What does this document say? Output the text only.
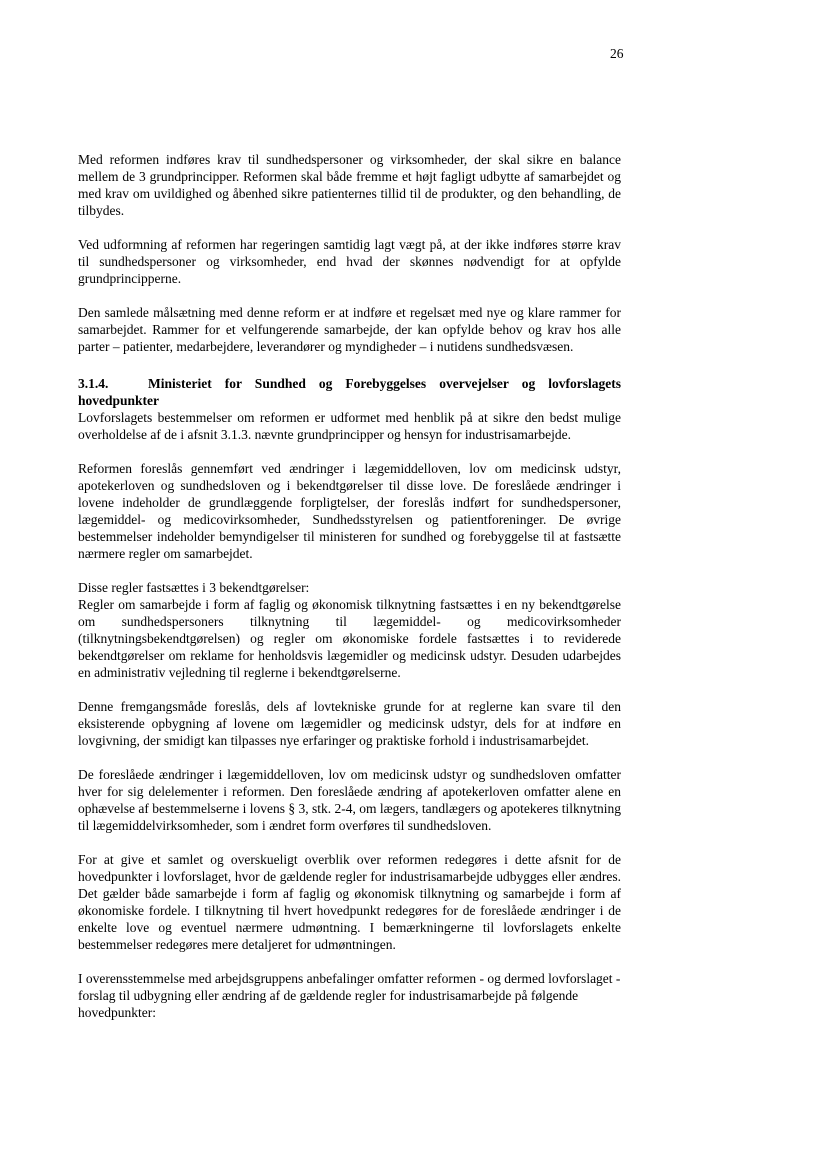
26

Med reformen indføres krav til sundhedspersoner og virksomheder, der skal sikre en balance mellem de 3 grundprincipper. Reformen skal både fremme et højt fagligt udbytte af samarbejdet og med krav om uvildighed og åbenhed sikre patienternes tillid til de produkter, og den behandling, de tilbydes.

Ved udformning af reformen har regeringen samtidig lagt vægt på, at der ikke indføres større krav til sundhedspersoner og virksomheder, end hvad der skønnes nødvendigt for at opfylde grundprincipperne.

Den samlede målsætning med denne reform er at indføre et regelsæt med nye og klare rammer for samarbejdet. Rammer for et velfungerende samarbejde, der kan opfylde behov og krav hos alle parter – patienter, medarbejdere, leverandører og myndigheder – i nutidens sundhedsvæsen.

3.1.4.	Ministeriet for Sundhed og Forebyggelses overvejelser og lovforslagets hovedpunkter

Lovforslagets bestemmelser om reformen er udformet med henblik på at sikre den bedst mulige overholdelse af de i afsnit 3.1.3. nævnte grundprincipper og hensyn for industrisamarbejde.

Reformen foreslås gennemført ved ændringer i lægemiddelloven, lov om medicinsk udstyr, apotekerloven og sundhedsloven og i bekendtgørelser til disse love. De foreslåede ændringer i lovene indeholder de grundlæggende forpligtelser, der foreslås indført for sundhedspersoner, lægemiddel- og medicovirksomheder, Sundhedsstyrelsen og patientforeninger. De øvrige bestemmelser indeholder bemyndigelser til ministeren for sundhed og forebyggelse til at fastsætte nærmere regler om samarbejdet.

Disse regler fastsættes i 3 bekendtgørelser:
Regler om samarbejde i form af faglig og økonomisk tilknytning fastsættes i en ny bekendtgørelse om sundhedspersoners tilknytning til lægemiddel- og medicovirksomheder (tilknytningsbekendtgørelsen) og regler om økonomiske fordele fastsættes i to reviderede bekendtgørelser om reklame for henholdsvis lægemidler og medicinsk udstyr. Desuden udarbejdes en administrativ vejledning til reglerne i bekendtgørelserne.

Denne fremgangsmåde foreslås, dels af lovtekniske grunde for at reglerne kan svare til den eksisterende opbygning af lovene om lægemidler og medicinsk udstyr, dels for at indføre en lovgivning, der smidigt kan tilpasses nye erfaringer og praktiske forhold i industrisamarbejdet.

De foreslåede ændringer i lægemiddelloven, lov om medicinsk udstyr og sundhedsloven omfatter hver for sig delelementer i reformen. Den foreslåede ændring af apotekerloven omfatter alene en ophævelse af bestemmelserne i lovens § 3, stk. 2-4, om lægers, tandlægers og apotekeres tilknytning til lægemiddelvirksomheder, som i ændret form overføres til sundhedsloven.

For at give et samlet og overskueligt overblik over reformen redegøres i dette afsnit for de hovedpunkter i lovforslaget, hvor de gældende regler for industrisamarbejde udbygges eller ændres. Det gælder både samarbejde i form af faglig og økonomisk tilknytning og samarbejde i form af økonomiske fordele. I tilknytning til hvert hovedpunkt redegøres for de foreslåede ændringer i de enkelte love og eventuel nærmere udmøntning. I bemærkningerne til lovforslagets enkelte bestemmelser redegøres mere detaljeret for udmøntningen.

I overensstemmelse med arbejdsgruppens anbefalinger omfatter reformen - og dermed lovforslaget - forslag til udbygning eller ændring af de gældende regler for industrisamarbejde på følgende hovedpunkter:
